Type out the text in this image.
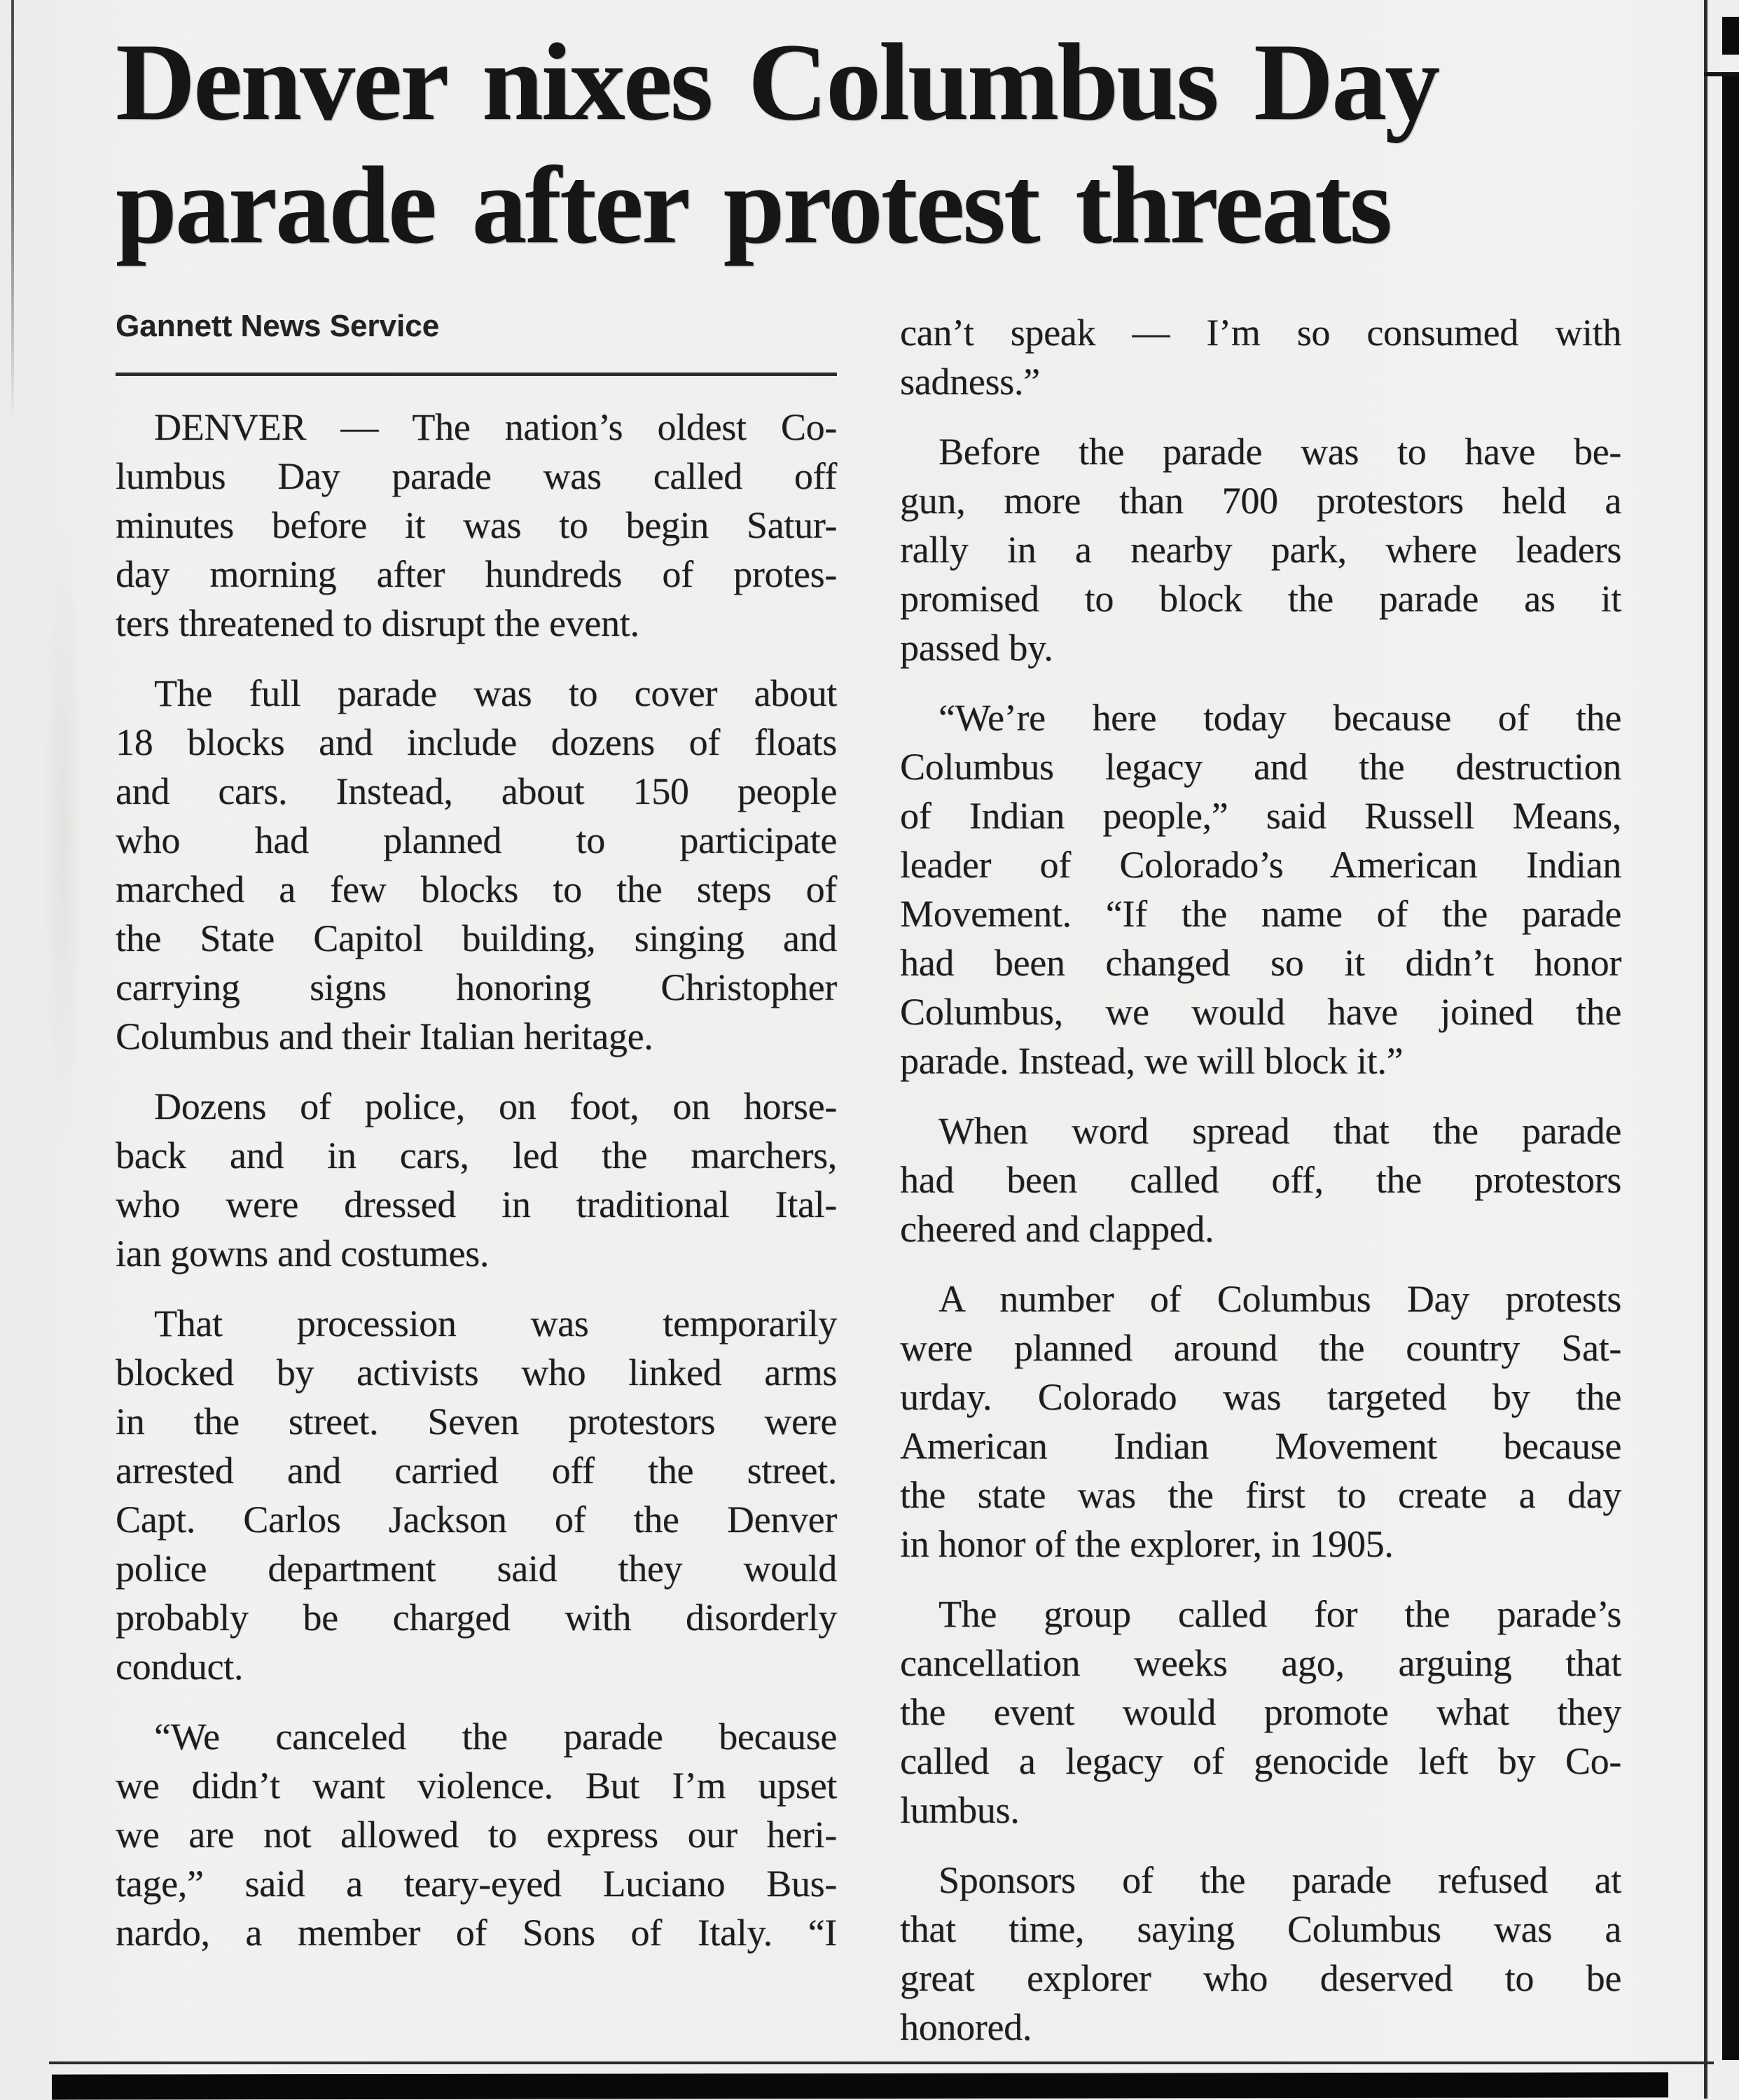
Denver nixes Columbus Day
parade after protest threats
Gannett News Service
DENVER — The nation’s oldest Co-
lumbus Day parade was called off
minutes before it was to begin Satur-
day morning after hundreds of protes-
ters threatened to disrupt the event.
The full parade was to cover about
18 blocks and include dozens of floats
and cars. Instead, about 150 people
who had planned to participate
marched a few blocks to the steps of
the State Capitol building, singing and
carrying signs honoring Christopher
Columbus and their Italian heritage.
Dozens of police, on foot, on horse-
back and in cars, led the marchers,
who were dressed in traditional Ital-
ian gowns and costumes.
That procession was temporarily
blocked by activists who linked arms
in the street. Seven protestors were
arrested and carried off the street.
Capt. Carlos Jackson of the Denver
police department said they would
probably be charged with disorderly
conduct.
“We canceled the parade because
we didn’t want violence. But I’m upset
we are not allowed to express our heri-
tage,” said a teary-eyed Luciano Bus-
nardo, a member of Sons of Italy. “I
can’t speak — I’m so consumed with
sadness.”
Before the parade was to have be-
gun, more than 700 protestors held a
rally in a nearby park, where leaders
promised to block the parade as it
passed by.
“We’re here today because of the
Columbus legacy and the destruction
of Indian people,” said Russell Means,
leader of Colorado’s American Indian
Movement. “If the name of the parade
had been changed so it didn’t honor
Columbus, we would have joined the
parade. Instead, we will block it.”
When word spread that the parade
had been called off, the protestors
cheered and clapped.
A number of Columbus Day protests
were planned around the country Sat-
urday. Colorado was targeted by the
American Indian Movement because
the state was the first to create a day
in honor of the explorer, in 1905.
The group called for the parade’s
cancellation weeks ago, arguing that
the event would promote what they
called a legacy of genocide left by Co-
lumbus.
Sponsors of the parade refused at
that time, saying Columbus was a
great explorer who deserved to be
honored.
